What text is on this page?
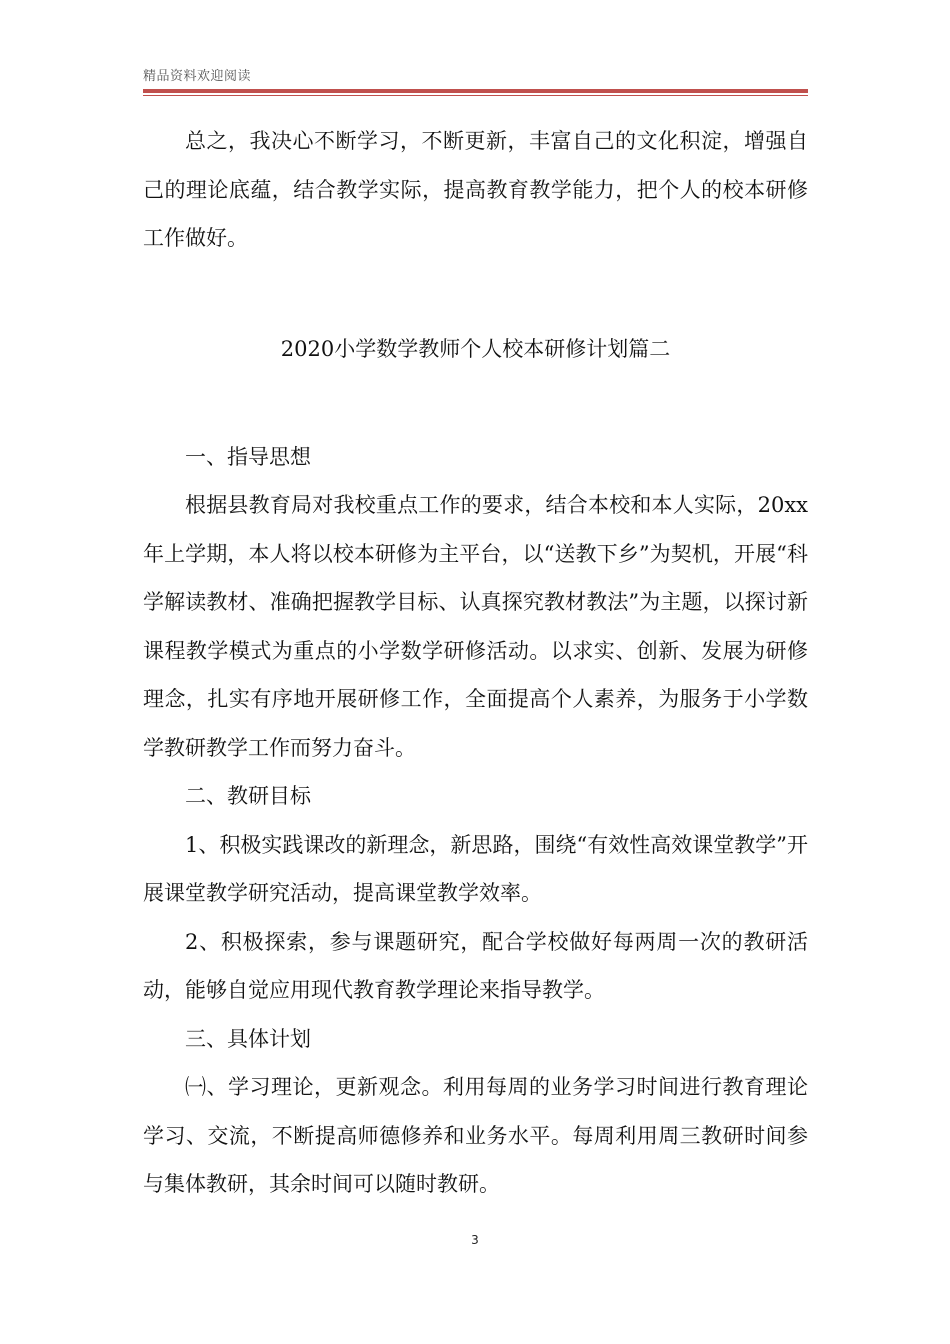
精品资料欢迎阅读

总之，我决心不断学习，不断更新，丰富自己的文化积淀，增强自己的理论底蕴，结合教学实际，提高教育教学能力，把个人的校本研修工作做好。

2020小学数学教师个人校本研修计划篇二

一、指导思想

根据县教育局对我校重点工作的要求，结合本校和本人实际，20xx 年上学期，本人将以校本研修为主平台，以“送教下乡”为契机，开展“科学解读教材、准确把握教学目标、认真探究教材教法”为主题，以探讨新课程教学模式为重点的小学数学研修活动。以求实、创新、发展为研修理念，扎实有序地开展研修工作，全面提高个人素养，为服务于小学数学教研教学工作而努力奋斗。

二、教研目标

1、积极实践课改的新理念，新思路，围绕“有效性高效课堂教学”开展课堂教学研究活动，提高课堂教学效率。

2、积极探索，参与课题研究，配合学校做好每两周一次的教研活动，能够自觉应用现代教育教学理论来指导教学。

三、具体计划

㈠、学习理论，更新观念。利用每周的业务学习时间进行教育理论学习、交流，不断提高师德修养和业务水平。每周利用周三教研时间参与集体教研，其余时间可以随时教研。

3
